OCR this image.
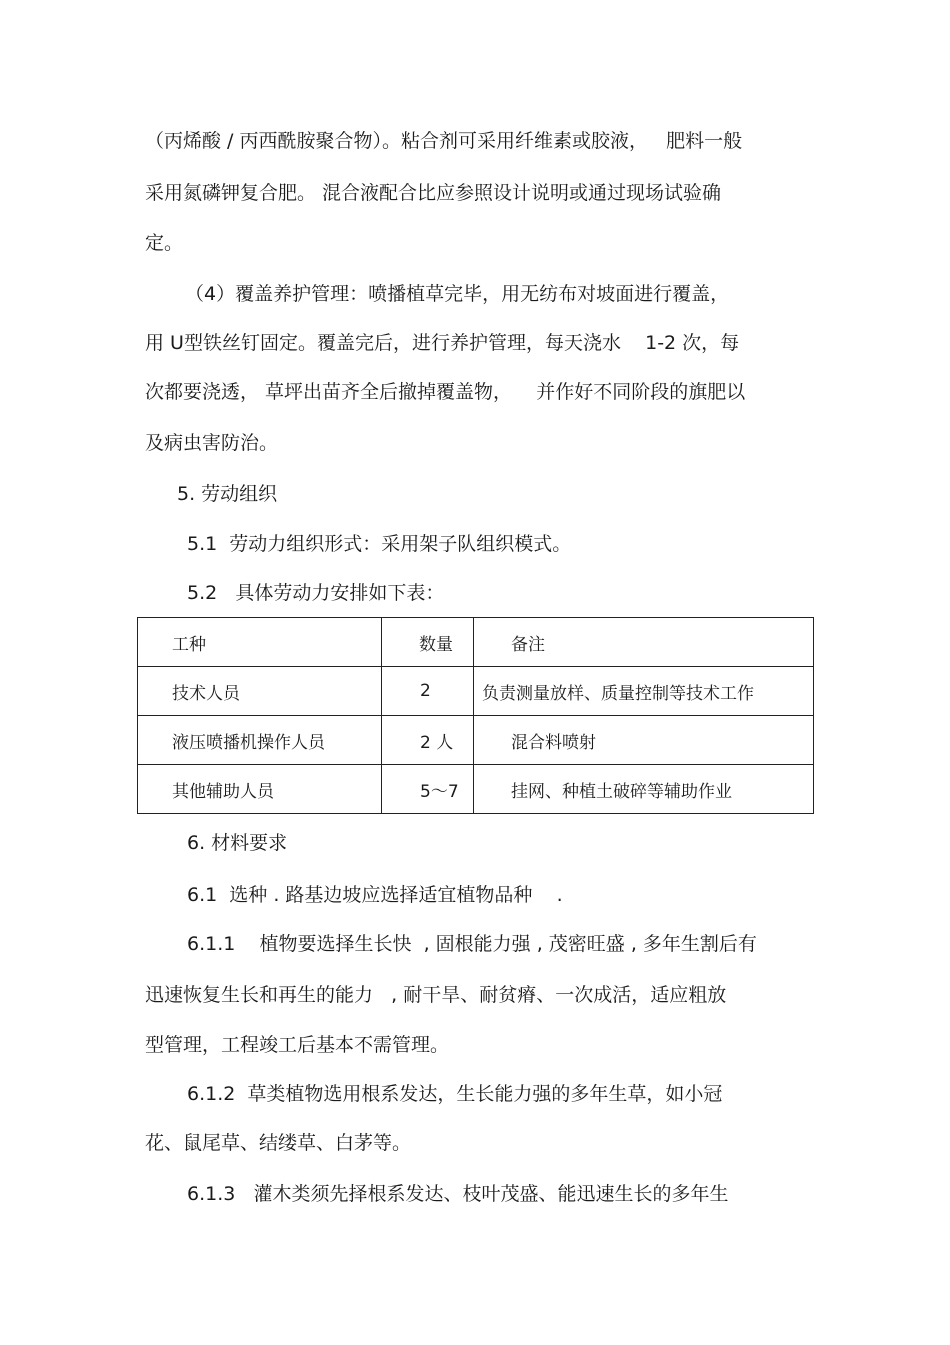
（丙烯酸 / 丙西酰胺聚合物）。粘合剂可采用纤维素或胶液，   肥料一般
采用氮磷钾复合肥。 混合液配合比应参照设计说明或通过现场试验确
定。
（4）覆盖养护管理：喷播植草完毕，用无纺布对坡面进行覆盖，
用 U型铁丝钉固定。覆盖完后，进行养护管理，每天浇水    1-2 次，每
次都要浇透， 草坪出苗齐全后撤掉覆盖物，    并作好不同阶段的旗肥以
及病虫害防治。
5. 劳动组织
5.1  劳动力组织形式：采用架子队组织模式。
5.2   具体劳动力安排如下表：
工种	数量	备注
技术人员	2	负责测量放样、质量控制等技术工作
液压喷播机操作人员	2 人	混合料喷射
其他辅助人员	5～7	挂网、种植土破碎等辅助作业
6. 材料要求
6.1  选种 . 路基边坡应选择适宜植物品种    .
6.1.1    植物要选择生长快  , 固根能力强 , 茂密旺盛 , 多年生割后有
迅速恢复生长和再生的能力   , 耐干旱、耐贫瘠、一次成活，适应粗放
型管理，工程竣工后基本不需管理。
6.1.2  草类植物选用根系发达，生长能力强的多年生草，如小冠
花、鼠尾草、结缕草、白茅等。
6.1.3   灌木类须先择根系发达、枝叶茂盛、能迅速生长的多年生
